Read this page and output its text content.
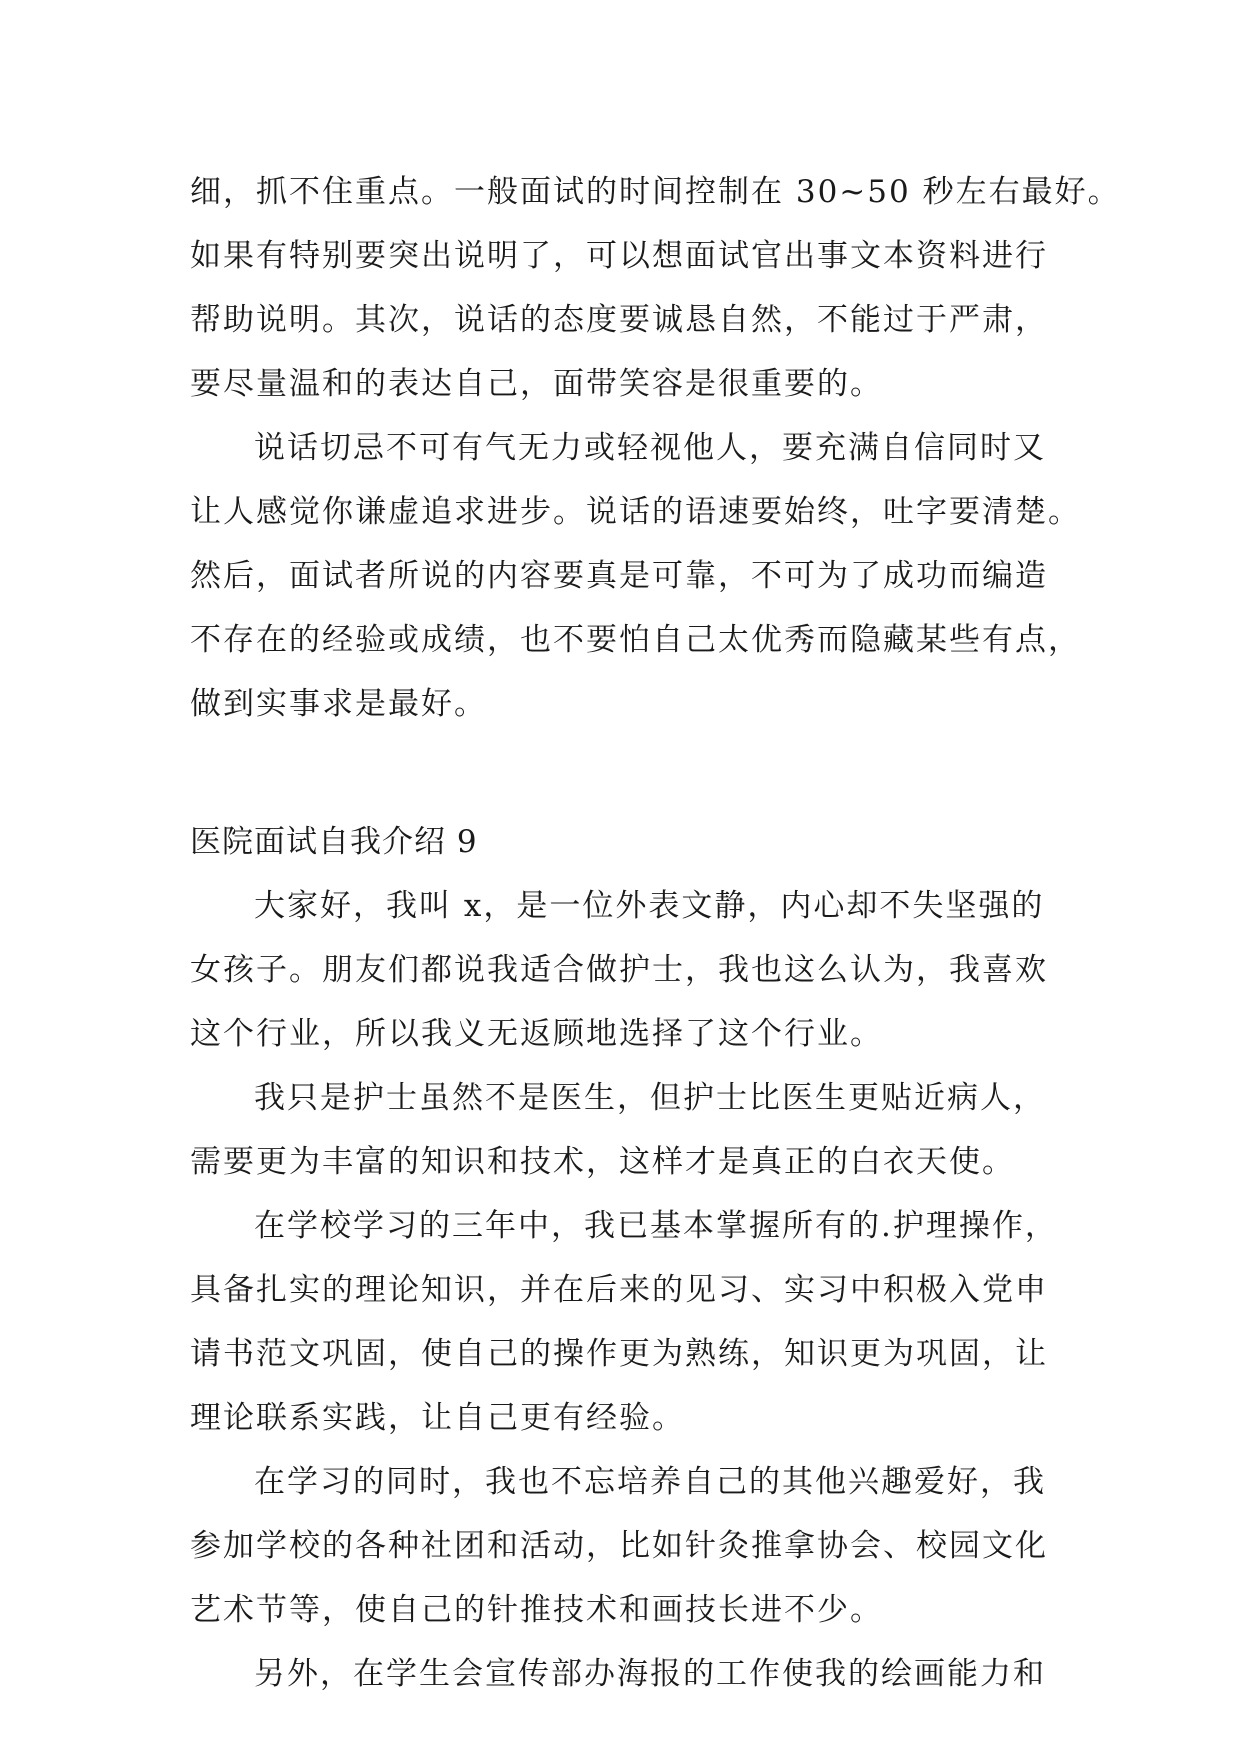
细，抓不住重点。一般面试的时间控制在 30~50 秒左右最好。
如果有特别要突出说明了，可以想面试官出事文本资料进行
帮助说明。其次，说话的态度要诚恳自然，不能过于严肃，
要尽量温和的表达自己，面带笑容是很重要的。
说话切忌不可有气无力或轻视他人，要充满自信同时又
让人感觉你谦虚追求进步。说话的语速要始终，吐字要清楚。
然后，面试者所说的内容要真是可靠，不可为了成功而编造
不存在的经验或成绩，也不要怕自己太优秀而隐藏某些有点，
做到实事求是最好。
医院面试自我介绍 9
大家好，我叫 x，是一位外表文静，内心却不失坚强的
女孩子。朋友们都说我适合做护士，我也这么认为，我喜欢
这个行业，所以我义无返顾地选择了这个行业。
我只是护士虽然不是医生，但护士比医生更贴近病人，
需要更为丰富的知识和技术，这样才是真正的白衣天使。
在学校学习的三年中，我已基本掌握所有的.护理操作，
具备扎实的理论知识，并在后来的见习、实习中积极入党申
请书范文巩固，使自己的操作更为熟练，知识更为巩固，让
理论联系实践，让自己更有经验。
在学习的同时，我也不忘培养自己的其他兴趣爱好，我
参加学校的各种社团和活动，比如针灸推拿协会、校园文化
艺术节等，使自己的针推技术和画技长进不少。
另外，在学生会宣传部办海报的工作使我的绘画能力和
